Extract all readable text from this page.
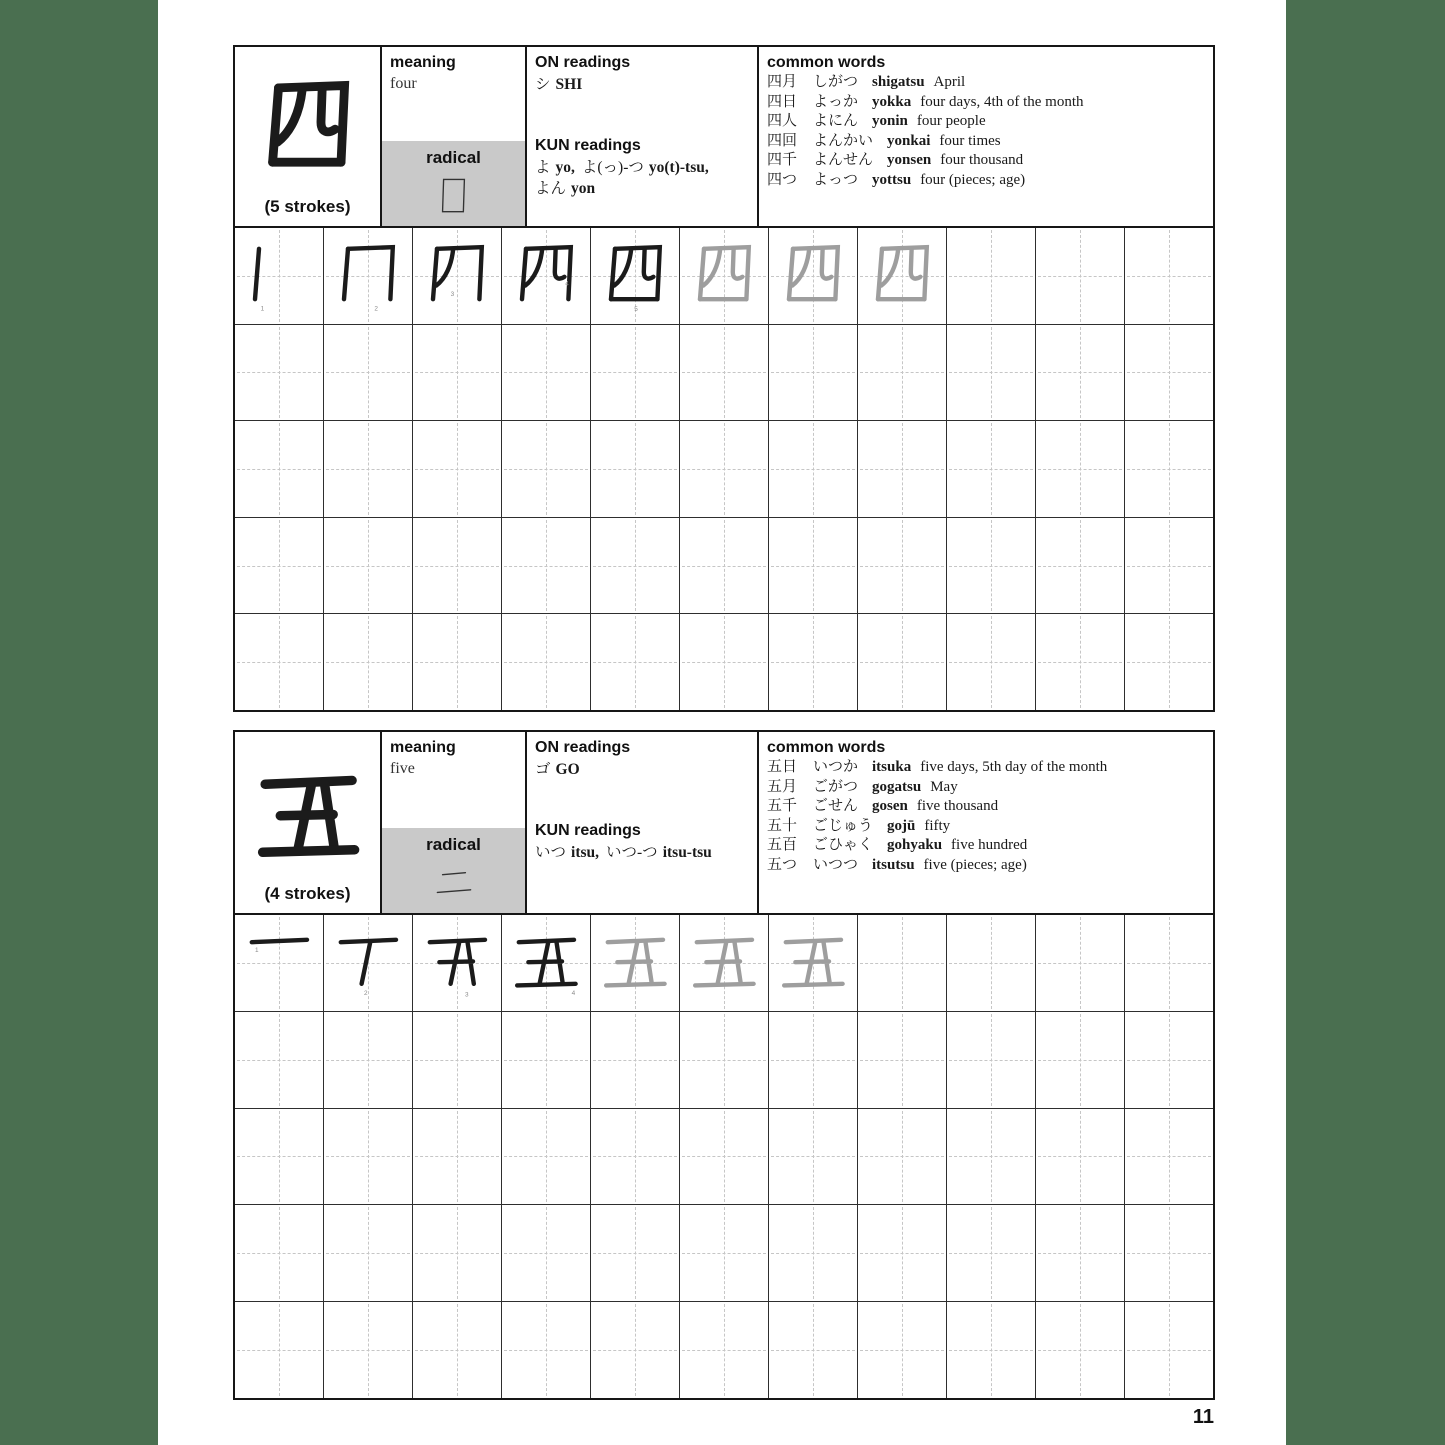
(5 strokes)
meaning
four
radical
ON readings
シ SHI
KUN readings
よ yo, よ(っ)-つ yo(t)-tsu,よん yon
common words
四月 しがつ shigatsu April
四日 よっか yokka four days, 4th of the month
四人 よにん yonin four people
四回 よんかい yonkai four times
四千 よんせん yonsen four thousand
四つ よっつ yottsu four (pieces; age)
1	2
3
4
5
(4 strokes)
meaning
five
radical
ON readings
ゴ GO
KUN readings
いつ itsu, いつ-つ itsu-tsu
common words
五日 いつか itsuka five days, 5th day of the month
五月 ごがつ gogatsu May
五千 ごせん gosen five thousand
五十 ごじゅう gojū fifty
五百 ごひゃく gohyaku five hundred
五つ いつつ itsutsu five (pieces; age)
1
2	3	4
11
